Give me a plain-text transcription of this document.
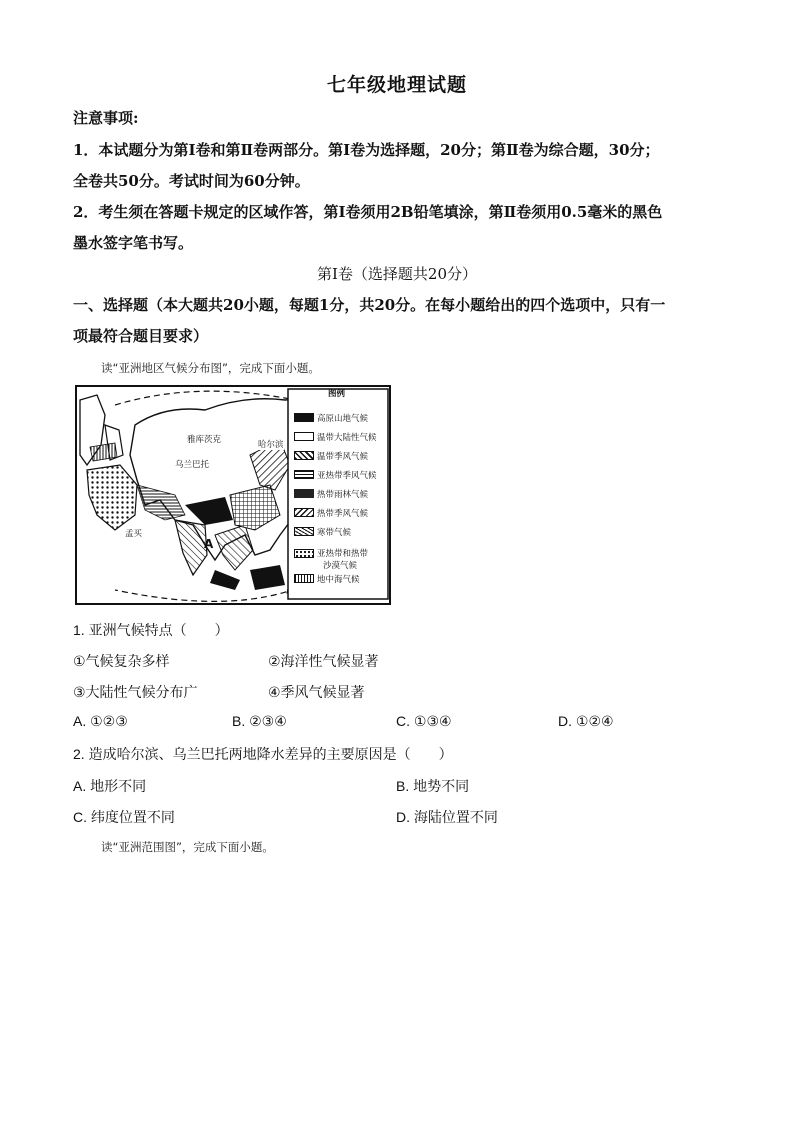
七年级地理试题
注意事项:
1．本试题分为第Ⅰ卷和第Ⅱ卷两部分。第Ⅰ卷为选择题，20分；第Ⅱ卷为综合题，30分；
全卷共50分。考试时间为60分钟。
2．考生须在答题卡规定的区域作答，第Ⅰ卷须用2B铅笔填涂，第Ⅱ卷须用0.5毫米的黑色
墨水签字笔书写。
第Ⅰ卷（选择题共20分）
一、选择题（本大题共20小题，每题1分，共20分。在每小题给出的四个选项中，只有一
项最符合题目要求）
读“亚洲地区气候分布图”，完成下面小题。
图例
高原山地气候
温带大陆性气候
温带季风气候
亚热带季风气候
热带雨林气候
热带季风气候
寒带气候
亚热带和热带
沙漠气候
地中海气候
雅库茨克	哈尔滨
乌兰巴托
孟买
A
1. 亚洲气候特点（　　）
①气候复杂多样	②海洋性气候显著
③大陆性气候分布广	④季风气候显著
A. ①②③	B. ②③④	C. ①③④	D. ①②④
2. 造成哈尔滨、乌兰巴托两地降水差异的主要原因是（　　）
A. 地形不同	B. 地势不同
C. 纬度位置不同	D. 海陆位置不同
读“亚洲范围图”，完成下面小题。
